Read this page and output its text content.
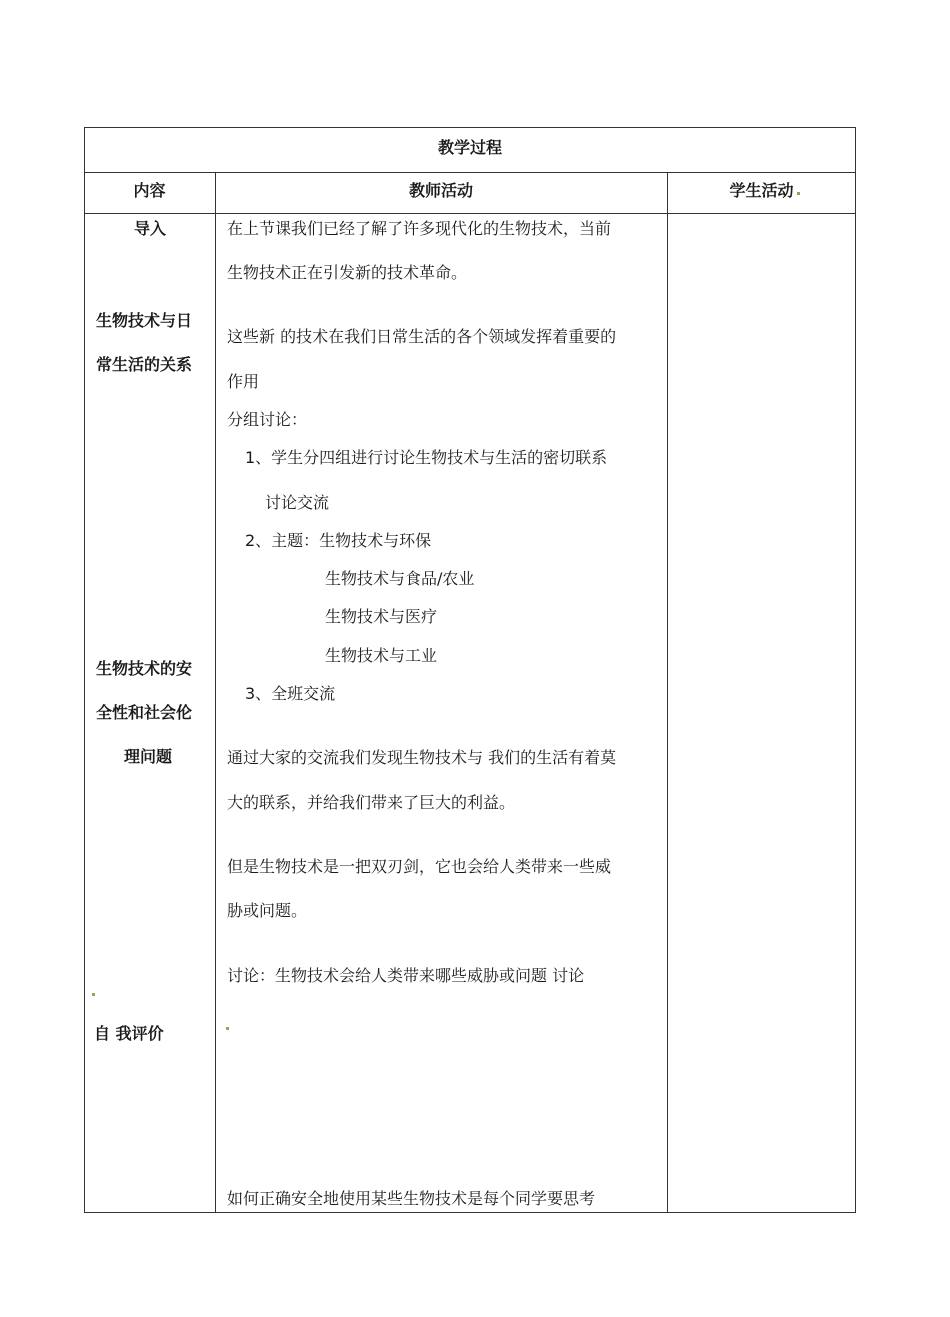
教学过程
内容	教师活动	学生活动
导入
生物技术与日
常生活的关系
生物技术的安
全性和社会伦
理问题
自 我评价
在上节课我们已经了解了许多现代化的生物技术，当前
生物技术正在引发新的技术革命。
这些新 的技术在我们日常生活的各个领域发挥着重要的
作用
分组讨论：
1、学生分四组进行讨论生物技术与生活的密切联系
讨论交流
2、主题：生物技术与环保
生物技术与食品/农业
生物技术与医疗
生物技术与工业
3、全班交流
通过大家的交流我们发现生物技术与 我们的生活有着莫
大的联系，并给我们带来了巨大的利益。
但是生物技术是一把双刃剑，它也会给人类带来一些威
胁或问题。
讨论：生物技术会给人类带来哪些威胁或问题 讨论
如何正确安全地使用某些生物技术是每个同学要思考
